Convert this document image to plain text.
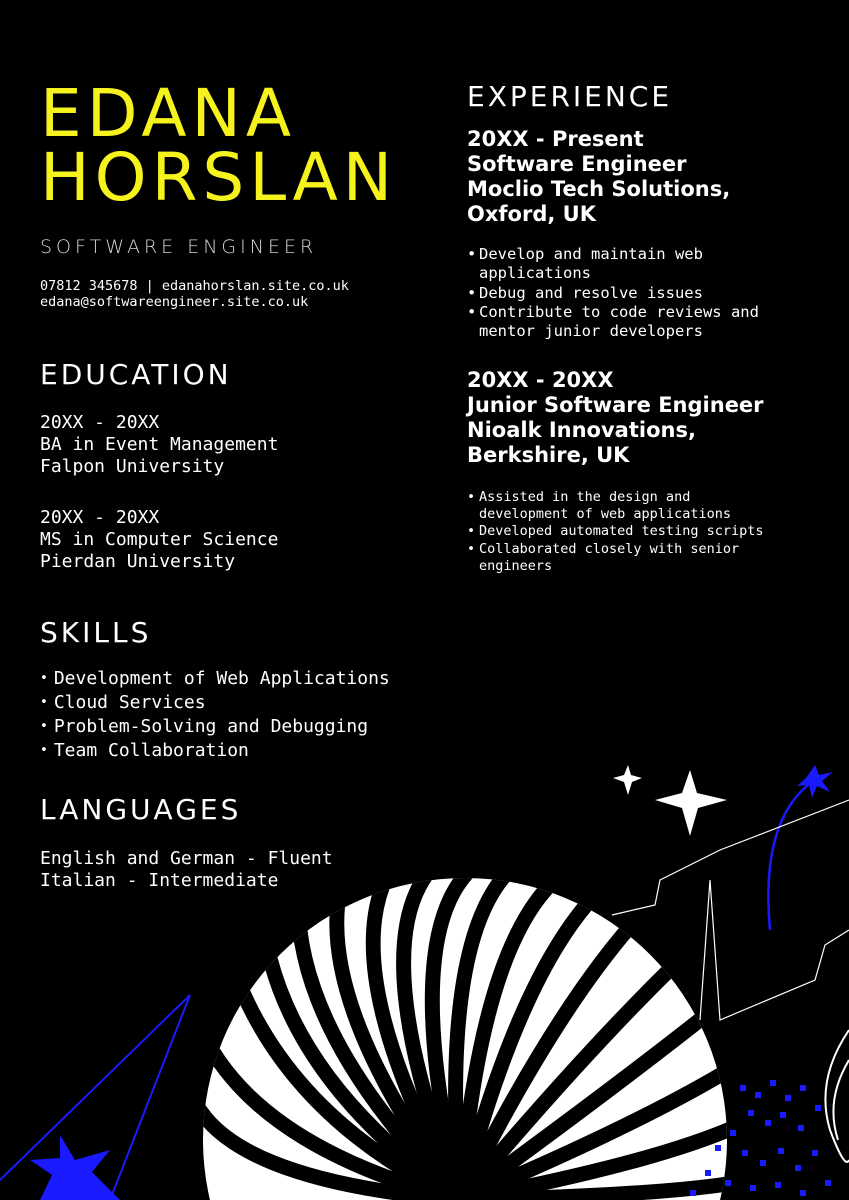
EDANA
HORSLAN
SOFTWARE ENGINEER
07812 345678 | edanahorslan.site.co.uk
edana@softwareengineer.site.co.uk
EDUCATION
20XX - 20XX
BA in Event Management
Falpon University
20XX - 20XX
MS in Computer Science
Pierdan University
SKILLS
• Development of Web Applications
• Cloud Services
• Problem-Solving and Debugging
• Team Collaboration
LANGUAGES
English and German - Fluent
Italian - Intermediate
EXPERIENCE
20XX - Present
Software Engineer
Moclio Tech Solutions,
Oxford, UK
• Develop and maintain web
applications
• Debug and resolve issues
• Contribute to code reviews and
mentor junior developers
20XX - 20XX
Junior Software Engineer
Nioalk Innovations,
Berkshire, UK
• Assisted in the design and
development of web applications
• Developed automated testing scripts
• Collaborated closely with senior
engineers
